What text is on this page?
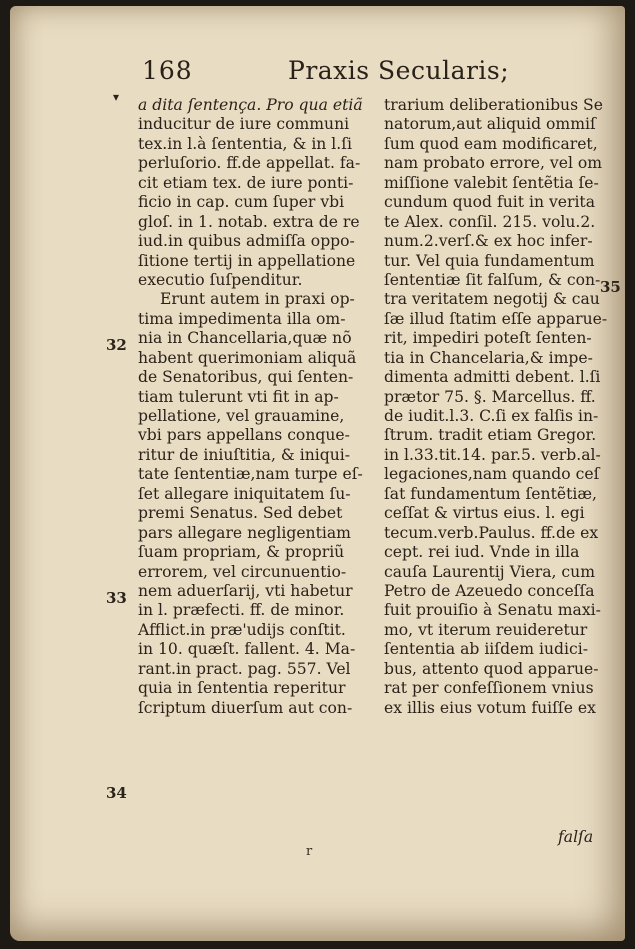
▾
168	Praxis Secularis;
a dita ſentença. Pro qua etiã
inducitur de iure communi
tex.in l.à ſententia, & in l.ſi
perluſorio. ff.de appellat. fa-
cit etiam tex. de iure ponti-
ficio in cap. cum ſuper vbi
gloſ. in 1. notab. extra de re
iud.in quibus admiſſa oppo-
ſitione tertij in appellatione
executio ſuſpenditur.
Erunt autem in praxi op-
tima impedimenta illa om-
nia in Chancellaria,quæ nõ
habent querimoniam aliquã
de Senatoribus, qui ſenten-
tiam tulerunt vti fit in ap-
pellatione, vel grauamine,
vbi pars appellans conque-
ritur de iniuſtitia, & iniqui-
tate ſententiæ,nam turpe eſ-
ſet allegare iniquitatem ſu-
premi Senatus. Sed debet
pars allegare negligentiam
ſuam propriam, & propriũ
errorem, vel circunuentio-
nem aduerſarij, vti habetur
in l. præfecti. ff. de minor.
Afflict.in præ'udijs conſtit.
in 10. quæſt. fallent. 4. Ma-
rant.in pract. pag. 557. Vel
quia in ſententia reperitur
ſcriptum diuerſum aut con-
trarium deliberationibus Se
natorum,aut aliquid ommiſ
ſum quod eam modificaret,
nam probato errore, vel om
miſſione valebit ſentẽtia ſe-
cundum quod fuit in verita
te Alex. conſil. 215. volu.2.
num.2.verſ.& ex hoc infer-
tur. Vel quia fundamentum
ſententiæ ſit falſum, & con-
tra veritatem negotij & cau
ſæ illud ſtatim eſſe apparue-
rit, impediri poteſt ſenten-
tia in Chancelaria,& impe-
dimenta admitti debent. l.ſi
prætor 75. §. Marcellus. ff.
de iudit.l.3. C.ſi ex falſis in-
ſtrum. tradit etiam Gregor.
in l.33.tit.14. par.5. verb.al-
legaciones,nam quando ceſ
ſat fundamentum ſentẽtiæ,
ceſſat & virtus eius. l. egi
tecum.verb.Paulus. ff.de ex
cept. rei iud. Vnde in illa
cauſa Laurentij Viera, cum
Petro de Azeuedo conceſſa
fuit prouiſio à Senatu maxi-
mo, vt iterum reuideretur
ſententia ab iiſdem iudici-
bus, attento quod apparue-
rat per confeſſionem vnius
ex illis eius votum fuiſſe ex
32
33
34
35
falſa
r
